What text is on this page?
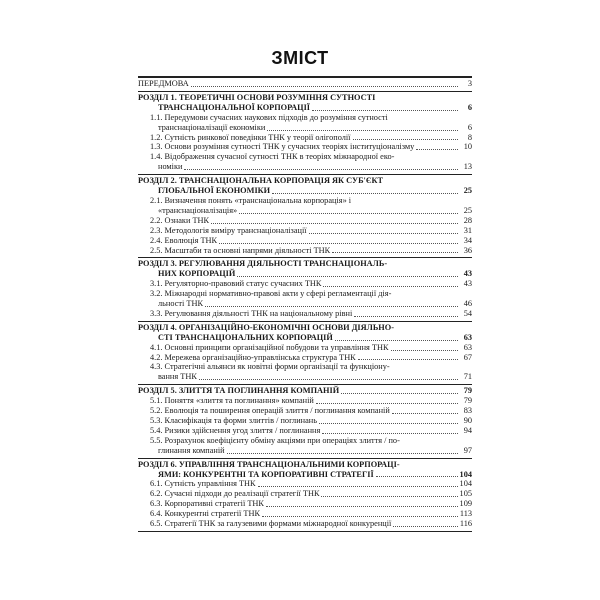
ЗМІСТ
ПЕРЕДМОВА	3
РОЗДІЛ 1. ТЕОРЕТИЧНІ ОСНОВИ РОЗУМІННЯ СУТНОСТІ
ТРАНСНАЦІОНАЛЬНОЇ КОРПОРАЦІЇ	6
1.1. Передумови сучасних наукових підходів до розуміння сутності
транснаціоналізації економіки	6
1.2. Сутність ринкової поведінки ТНК у теорії олігополії	8
1.3. Основи розуміння сутності ТНК у сучасних теоріях інституціоналізму	10
1.4. Відображення сучасної сутності ТНК в теоріях міжнародної еко-
номіки	13
РОЗДІЛ 2. ТРАНСНАЦІОНАЛЬНА КОРПОРАЦІЯ ЯК СУБ'ЄКТ
ГЛОБАЛЬНОЇ ЕКОНОМІКИ	25
2.1. Визначення понять «транснаціональна корпорація» і
«транснаціоналізація»	25
2.2. Ознаки ТНК	28
2.3. Методологія виміру транснаціоналізації	31
2.4. Еволюція ТНК	34
2.5. Масштаби та основні напрями діяльності ТНК	36
РОЗДІЛ 3. РЕГУЛЮВАННЯ ДІЯЛЬНОСТІ ТРАНСНАЦІОНАЛЬ-
НИХ КОРПОРАЦІЙ	43
3.1. Регуляторно-правовий статус сучасних ТНК	43
3.2. Міжнародні нормативно-правові акти у сфері регламентації дія-
льності ТНК	46
3.3. Регулювання діяльності ТНК на національному рівні	54
РОЗДІЛ 4. ОРГАНІЗАЦІЙНО-ЕКОНОМІЧНІ ОСНОВИ ДІЯЛЬНО-
СТІ ТРАНСНАЦІОНАЛЬНИХ КОРПОРАЦІЙ	63
4.1. Основні принципи організаційної побудови та управління ТНК	63
4.2. Мережева організаційно-управлінська структура ТНК	67
4.3. Стратегічні альянси як новітні форми організації та функціону-
вання ТНК	71
РОЗДІЛ 5. ЗЛИТТЯ ТА ПОГЛИНАННЯ КОМПАНІЙ	79
5.1. Поняття «злиття та поглинання» компаній	79
5.2. Еволюція та поширення операцій злиття / поглинання компаній	83
5.3. Класифікація та форми злиттів / поглинань	90
5.4. Ризики здійснення угод злиття / поглинання	94
5.5. Розрахунок коефіцієнту обміну акціями при операціях злиття / по-
глинання компаній	97
РОЗДІЛ 6. УПРАВЛІННЯ ТРАНСНАЦІОНАЛЬНИМИ КОРПОРАЦІ-
ЯМИ: КОНКУРЕНТНІ ТА КОРПОРАТИВНІ СТРАТЕГІЇ	104
6.1. Сутність управління ТНК	104
6.2. Сучасні підходи до реалізації стратегії ТНК	105
6.3. Корпоративні стратегії ТНК	109
6.4. Конкурентні стратегії ТНК	113
6.5. Стратегії ТНК за галузевими формами міжнародної конкуренції	116
